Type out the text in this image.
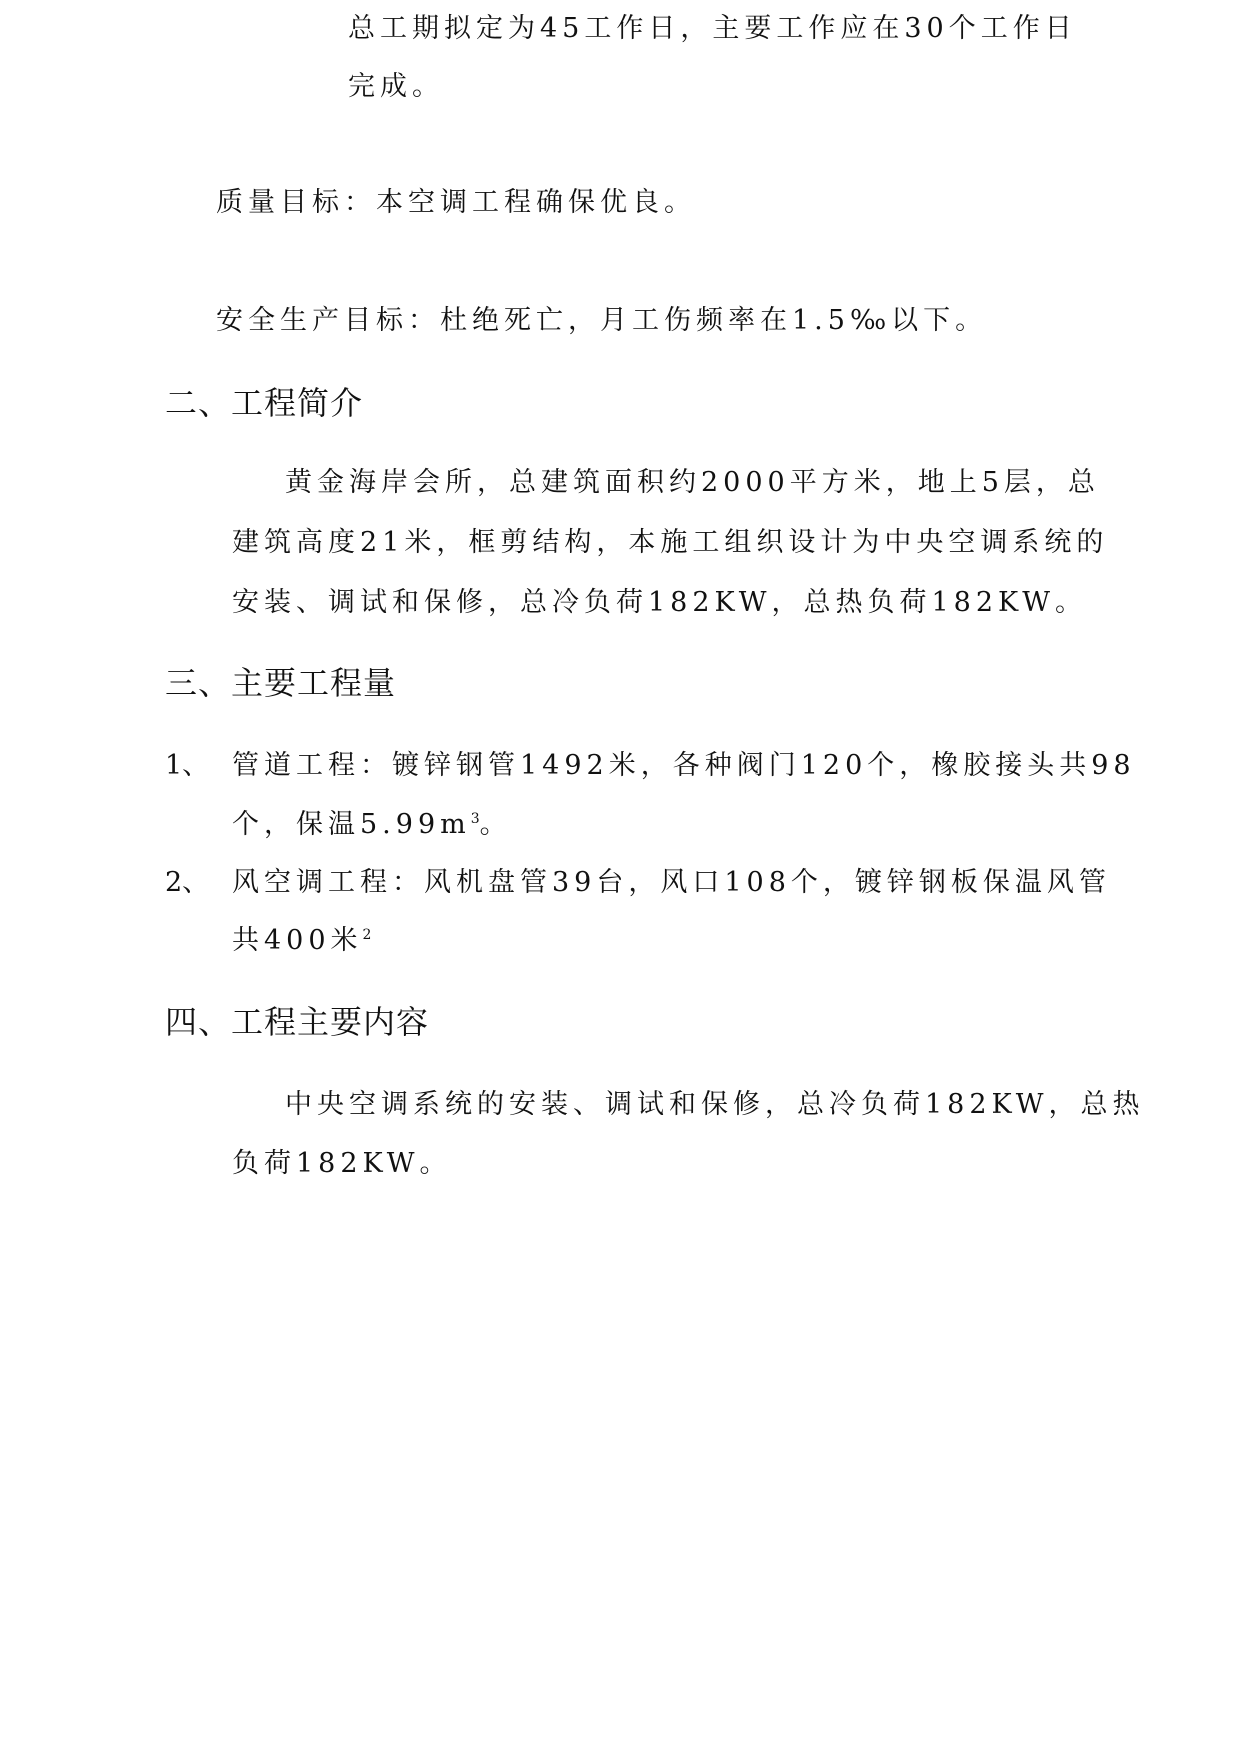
总工期拟定为45工作日，主要工作应在30个工作日
完成。
质量目标：本空调工程确保优良。
安全生产目标：杜绝死亡，月工伤频率在1.5‰以下。
二、工程简介
黄金海岸会所，总建筑面积约2000平方米，地上5层，总
建筑高度21米，框剪结构，本施工组织设计为中央空调系统的
安装、调试和保修，总冷负荷182KW，总热负荷182KW。
三、主要工程量
1、 管道工程：镀锌钢管1492米，各种阀门120个，橡胶接头共98
个，保温$5.99m^3$。
2、 风空调工程：风机盘管39台，风口108个，镀锌钢板保温风管
共400米$^2$
四、工程主要内容
中央空调系统的安装、调试和保修，总冷负荷182KW，总热
负荷182KW。
